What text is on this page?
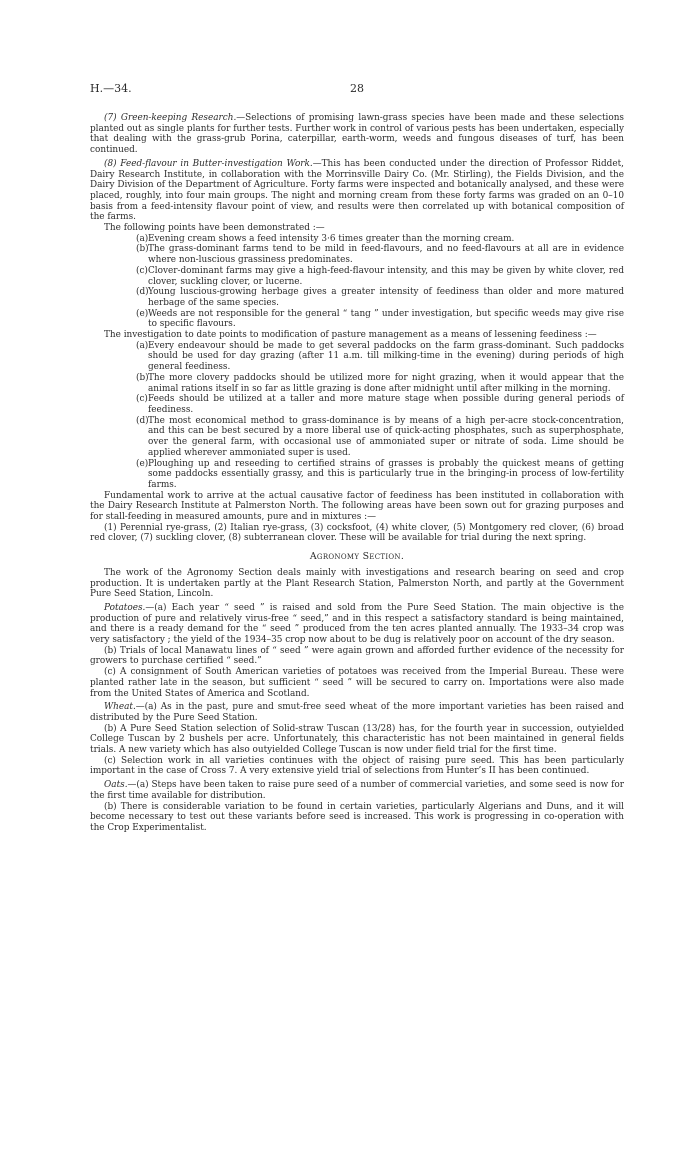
H.—34.	28

(7) Green-keeping Research.—Selections of promising lawn-grass species have been made and these selections planted out as single plants for further tests. Further work in control of various pests has been undertaken, especially that dealing with the grass-grub Porina, caterpillar, earth-worm, weeds and fungous diseases of turf, has been continued.

(8) Feed-flavour in Butter-investigation Work.—This has been conducted under the direction of Professor Riddet, Dairy Research Institute, in collaboration with the Morrinsville Dairy Co. (Mr. Stirling), the Fields Division, and the Dairy Division of the Department of Agriculture. Forty farms were inspected and botanically analysed, and these were placed, roughly, into four main groups. The night and morning cream from these forty farms was graded on an 0–10 basis from a feed-intensity flavour point of view, and results were then correlated up with botanical composition of the farms.

The following points have been demonstrated :—

(a)Evening cream shows a feed intensity 3·6 times greater than the morning cream.

(b)The grass-dominant farms tend to be mild in feed-flavours, and no feed-flavours at all are in evidence where non-luscious grassiness predominates.

(c)Clover-dominant farms may give a high-feed-flavour intensity, and this may be given by white clover, red clover, suckling clover, or lucerne.

(d)Young luscious-growing herbage gives a greater intensity of feediness than older and more matured herbage of the same species.

(e)Weeds are not responsible for the general “ tang ” under investigation, but specific weeds may give rise to specific flavours.

The investigation to date points to modification of pasture management as a means of lessening feediness :—

(a)Every endeavour should be made to get several paddocks on the farm grass-dominant. Such paddocks should be used for day grazing (after 11 a.m. till milking-time in the evening) during periods of high general feediness.

(b)The more clovery paddocks should be utilized more for night grazing, when it would appear that the animal rations itself in so far as little grazing is done after midnight until after milking in the morning.

(c)Feeds should be utilized at a taller and more mature stage when possible during general periods of feediness.

(d)The most economical method to grass-dominance is by means of a high per-acre stock-concentration, and this can be best secured by a more liberal use of quick-acting phosphates, such as superphosphate, over the general farm, with occasional use of ammoniated super or nitrate of soda. Lime should be applied wherever ammoniated super is used.

(e)Ploughing up and reseeding to certified strains of grasses is probably the quickest means of getting some paddocks essentially grassy, and this is particularly true in the bringing-in process of low-fertility farms.

Fundamental work to arrive at the actual causative factor of feediness has been instituted in collaboration with the Dairy Research Institute at Palmerston North. The following areas have been sown out for grazing purposes and for stall-feeding in measured amounts, pure and in mixtures :—

(1) Perennial rye-grass, (2) Italian rye-grass, (3) cocksfoot, (4) white clover, (5) Montgomery red clover, (6) broad red clover, (7) suckling clover, (8) subterranean clover. These will be available for trial during the next spring.

Agronomy Section.

The work of the Agronomy Section deals mainly with investigations and research bearing on seed and crop production. It is undertaken partly at the Plant Research Station, Palmerston North, and partly at the Government Pure Seed Station, Lincoln.

Potatoes.—(a) Each year “ seed ” is raised and sold from the Pure Seed Station. The main objective is the production of pure and relatively virus-free “ seed,” and in this respect a satisfactory standard is being maintained, and there is a ready demand for the “ seed ” produced from the ten acres planted annually. The 1933–34 crop was very satisfactory ; the yield of the 1934–35 crop now about to be dug is relatively poor on account of the dry season.

(b) Trials of local Manawatu lines of “ seed ” were again grown and afforded further evidence of the necessity for growers to purchase certified “ seed.”

(c) A consignment of South American varieties of potatoes was received from the Imperial Bureau. These were planted rather late in the season, but sufficient “ seed ” will be secured to carry on. Importations were also made from the United States of America and Scotland.

Wheat.—(a) As in the past, pure and smut-free seed wheat of the more important varieties has been raised and distributed by the Pure Seed Station.

(b) A Pure Seed Station selection of Solid-straw Tuscan (13/28) has, for the fourth year in succession, outyielded College Tuscan by 2 bushels per acre. Unfortunately, this characteristic has not been maintained in general fields trials. A new variety which has also outyielded College Tuscan is now under field trial for the first time.

(c) Selection work in all varieties continues with the object of raising pure seed. This has been particularly important in the case of Cross 7. A very extensive yield trial of selections from Hunter’s II has been continued.

Oats.—(a) Steps have been taken to raise pure seed of a number of commercial varieties, and some seed is now for the first time available for distribution.

(b) There is considerable variation to be found in certain varieties, particularly Algerians and Duns, and it will become necessary to test out these variants before seed is increased. This work is progressing in co-operation with the Crop Experimentalist.
